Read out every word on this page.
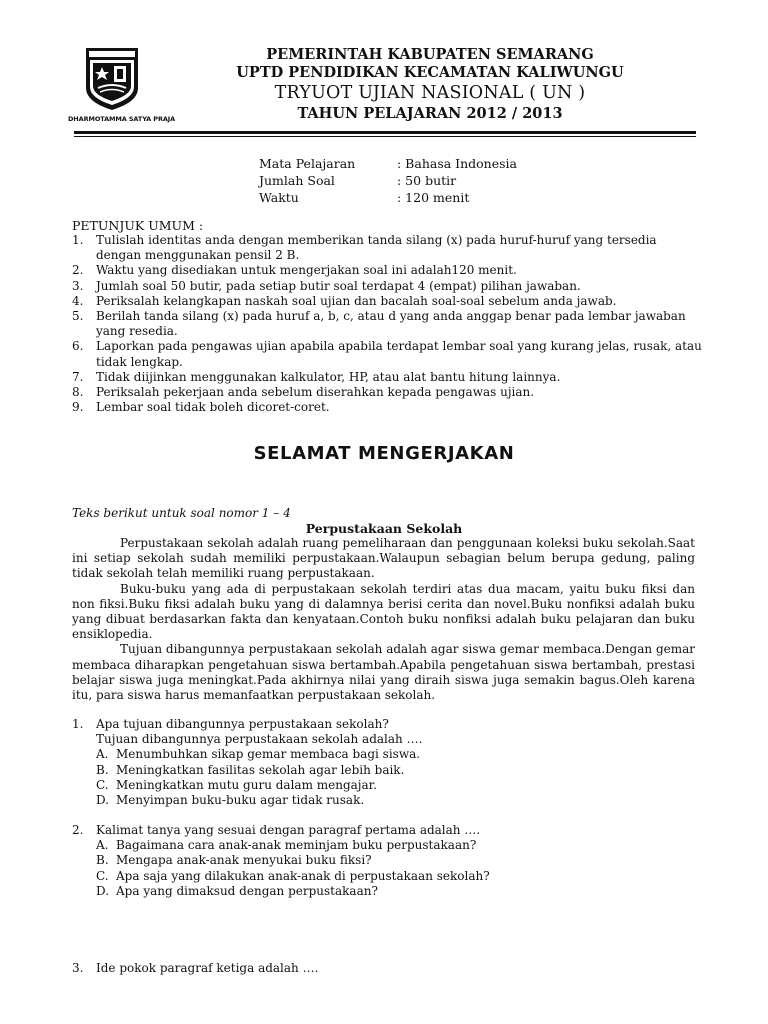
DHARMOTAMMA SATYA PRAJA
PEMERINTAH KABUPATEN SEMARANG
UPTD PENDIDIKAN KECAMATAN KALIWUNGU
TRYUOT UJIAN NASIONAL ( UN )
TAHUN PELAJARAN 2012 / 2013
Mata Pelajaran	: Bahasa Indonesia
Jumlah Soal	: 50 butir
Waktu	: 120 menit
PETUNJUK UMUM :
1.	Tulislah identitas anda dengan memberikan tanda silang (x) pada huruf-huruf yang tersedia dengan menggunakan pensil 2 B.
2.	Waktu yang disediakan untuk mengerjakan soal ini adalah120 menit.
3.	Jumlah soal 50 butir, pada setiap butir soal terdapat 4 (empat) pilihan jawaban.
4.	Periksalah kelangkapan naskah soal ujian dan bacalah soal-soal sebelum anda jawab.
5.	Berilah tanda silang (x) pada huruf a, b, c, atau d yang anda anggap benar pada lembar jawaban yang resedia.
6.	Laporkan pada pengawas ujian apabila apabila terdapat lembar soal yang kurang jelas, rusak, atau tidak lengkap.
7.	Tidak diijinkan menggunakan kalkulator, HP, atau alat bantu hitung lainnya.
8.	Periksalah pekerjaan anda sebelum diserahkan kepada pengawas ujian.
9.	Lembar soal tidak boleh dicoret-coret.
SELAMAT MENGERJAKAN
Teks berikut untuk soal nomor 1 – 4
Perpustakaan Sekolah

Perpustakaan sekolah adalah ruang pemeliharaan dan penggunaan koleksi buku sekolah.Saat ini setiap sekolah sudah memiliki perpustakaan.Walaupun sebagian belum berupa gedung, paling tidak sekolah telah memiliki ruang perpustakaan.

Buku-buku yang ada di perpustakaan sekolah terdiri atas dua macam, yaitu buku fiksi dan non fiksi.Buku fiksi adalah buku yang di dalamnya berisi cerita dan novel.Buku nonfiksi adalah buku yang dibuat berdasarkan fakta dan kenyataan.Contoh buku nonfiksi adalah buku pelajaran dan buku ensiklopedia.

Tujuan dibangunnya perpustakaan sekolah adalah agar siswa gemar membaca.Dengan gemar membaca diharapkan pengetahuan siswa bertambah.Apabila pengetahuan siswa bertambah, prestasi belajar siswa juga meningkat.Pada akhirnya nilai yang diraih siswa juga semakin bagus.Oleh karena itu, para siswa harus memanfaatkan perpustakaan sekolah.

1.	Apa tujuan dibangunnya perpustakaan sekolah?
Tujuan dibangunnya perpustakaan sekolah adalah ….
A. Menumbuhkan sikap gemar membaca bagi siswa.
B. Meningkatkan fasilitas sekolah agar lebih baik.
C. Meningkatkan mutu guru dalam mengajar.
D. Menyimpan buku-buku agar tidak rusak.
2.	Kalimat tanya yang sesuai dengan paragraf pertama adalah ….
A. Bagaimana cara anak-anak meminjam buku perpustakaan?
B. Mengapa anak-anak menyukai buku fiksi?
C. Apa saja yang dilakukan anak-anak di perpustakaan sekolah?
D. Apa yang dimaksud dengan perpustakaan?
3.	Ide pokok paragraf ketiga adalah ….
